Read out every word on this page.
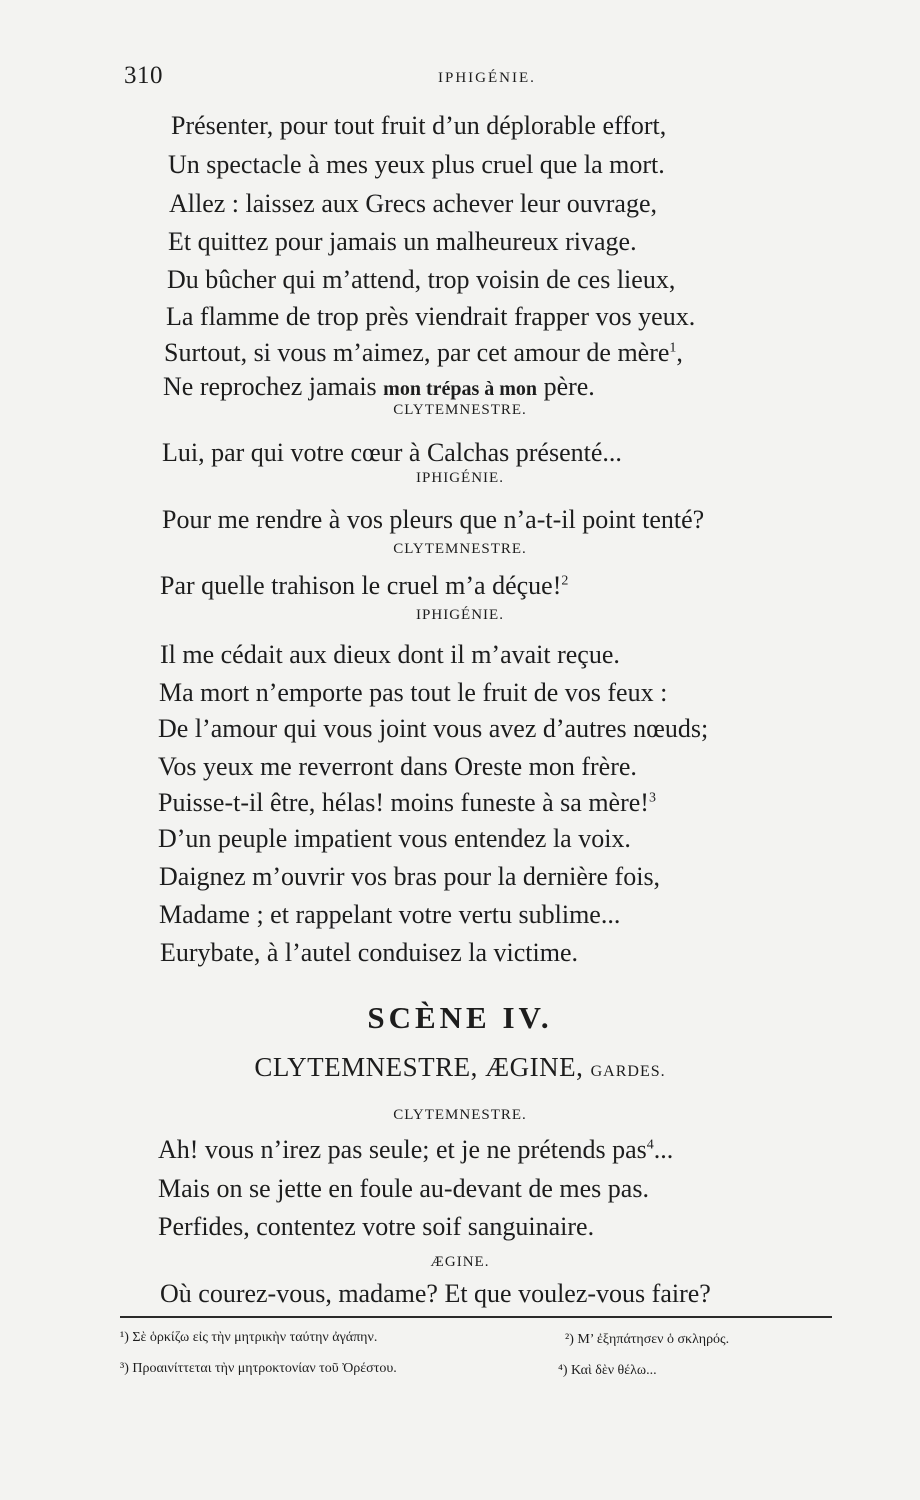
310	IPHIGÉNIE.
Présenter, pour tout fruit d’un déplorable effort,
Un spectacle à mes yeux plus cruel que la mort.
Allez : laissez aux Grecs achever leur ouvrage,
Et quittez pour jamais un malheureux rivage.
Du bûcher qui m’attend, trop voisin de ces lieux,
La flamme de trop près viendrait frapper vos yeux.
Surtout, si vous m’aimez, par cet amour de mère$^1$,
Ne reprochez jamais mon trépas à mon père.
CLYTEMNESTRE.
Lui, par qui votre cœur à Calchas présenté...
IPHIGÉNIE.
Pour me rendre à vos pleurs que n’a-t-il point tenté?
CLYTEMNESTRE.
Par quelle trahison le cruel m’a déçue!$^2$
IPHIGÉNIE.
Il me cédait aux dieux dont il m’avait reçue.
Ma mort n’emporte pas tout le fruit de vos feux :
De l’amour qui vous joint vous avez d’autres nœuds;
Vos yeux me reverront dans Oreste mon frère.
Puisse-t-il être, hélas! moins funeste à sa mère!$^3$
D’un peuple impatient vous entendez la voix.
Daignez m’ouvrir vos bras pour la dernière fois,
Madame ; et rappelant votre vertu sublime...
Eurybate, à l’autel conduisez la victime.
SCÈNE IV.
CLYTEMNESTRE, ÆGINE, GARDES.
CLYTEMNESTRE.
Ah! vous n’irez pas seule; et je ne prétends pas$^4$...
Mais on se jette en foule au-devant de mes pas.
Perfides, contentez votre soif sanguinaire.
ÆGINE.
Où courez-vous, madame? Et que voulez-vous faire?
¹) Σὲ ὁρκίζω εἰς τὴν μητρικὴν ταύτην ἀγάπην.	²) Μ’ ἐξηπάτησεν ὁ σκληρός.
³) Προαινίττεται τὴν μητροκτονίαν τοῦ Ὀρέστου.	⁴) Καὶ δὲν θέλω...
